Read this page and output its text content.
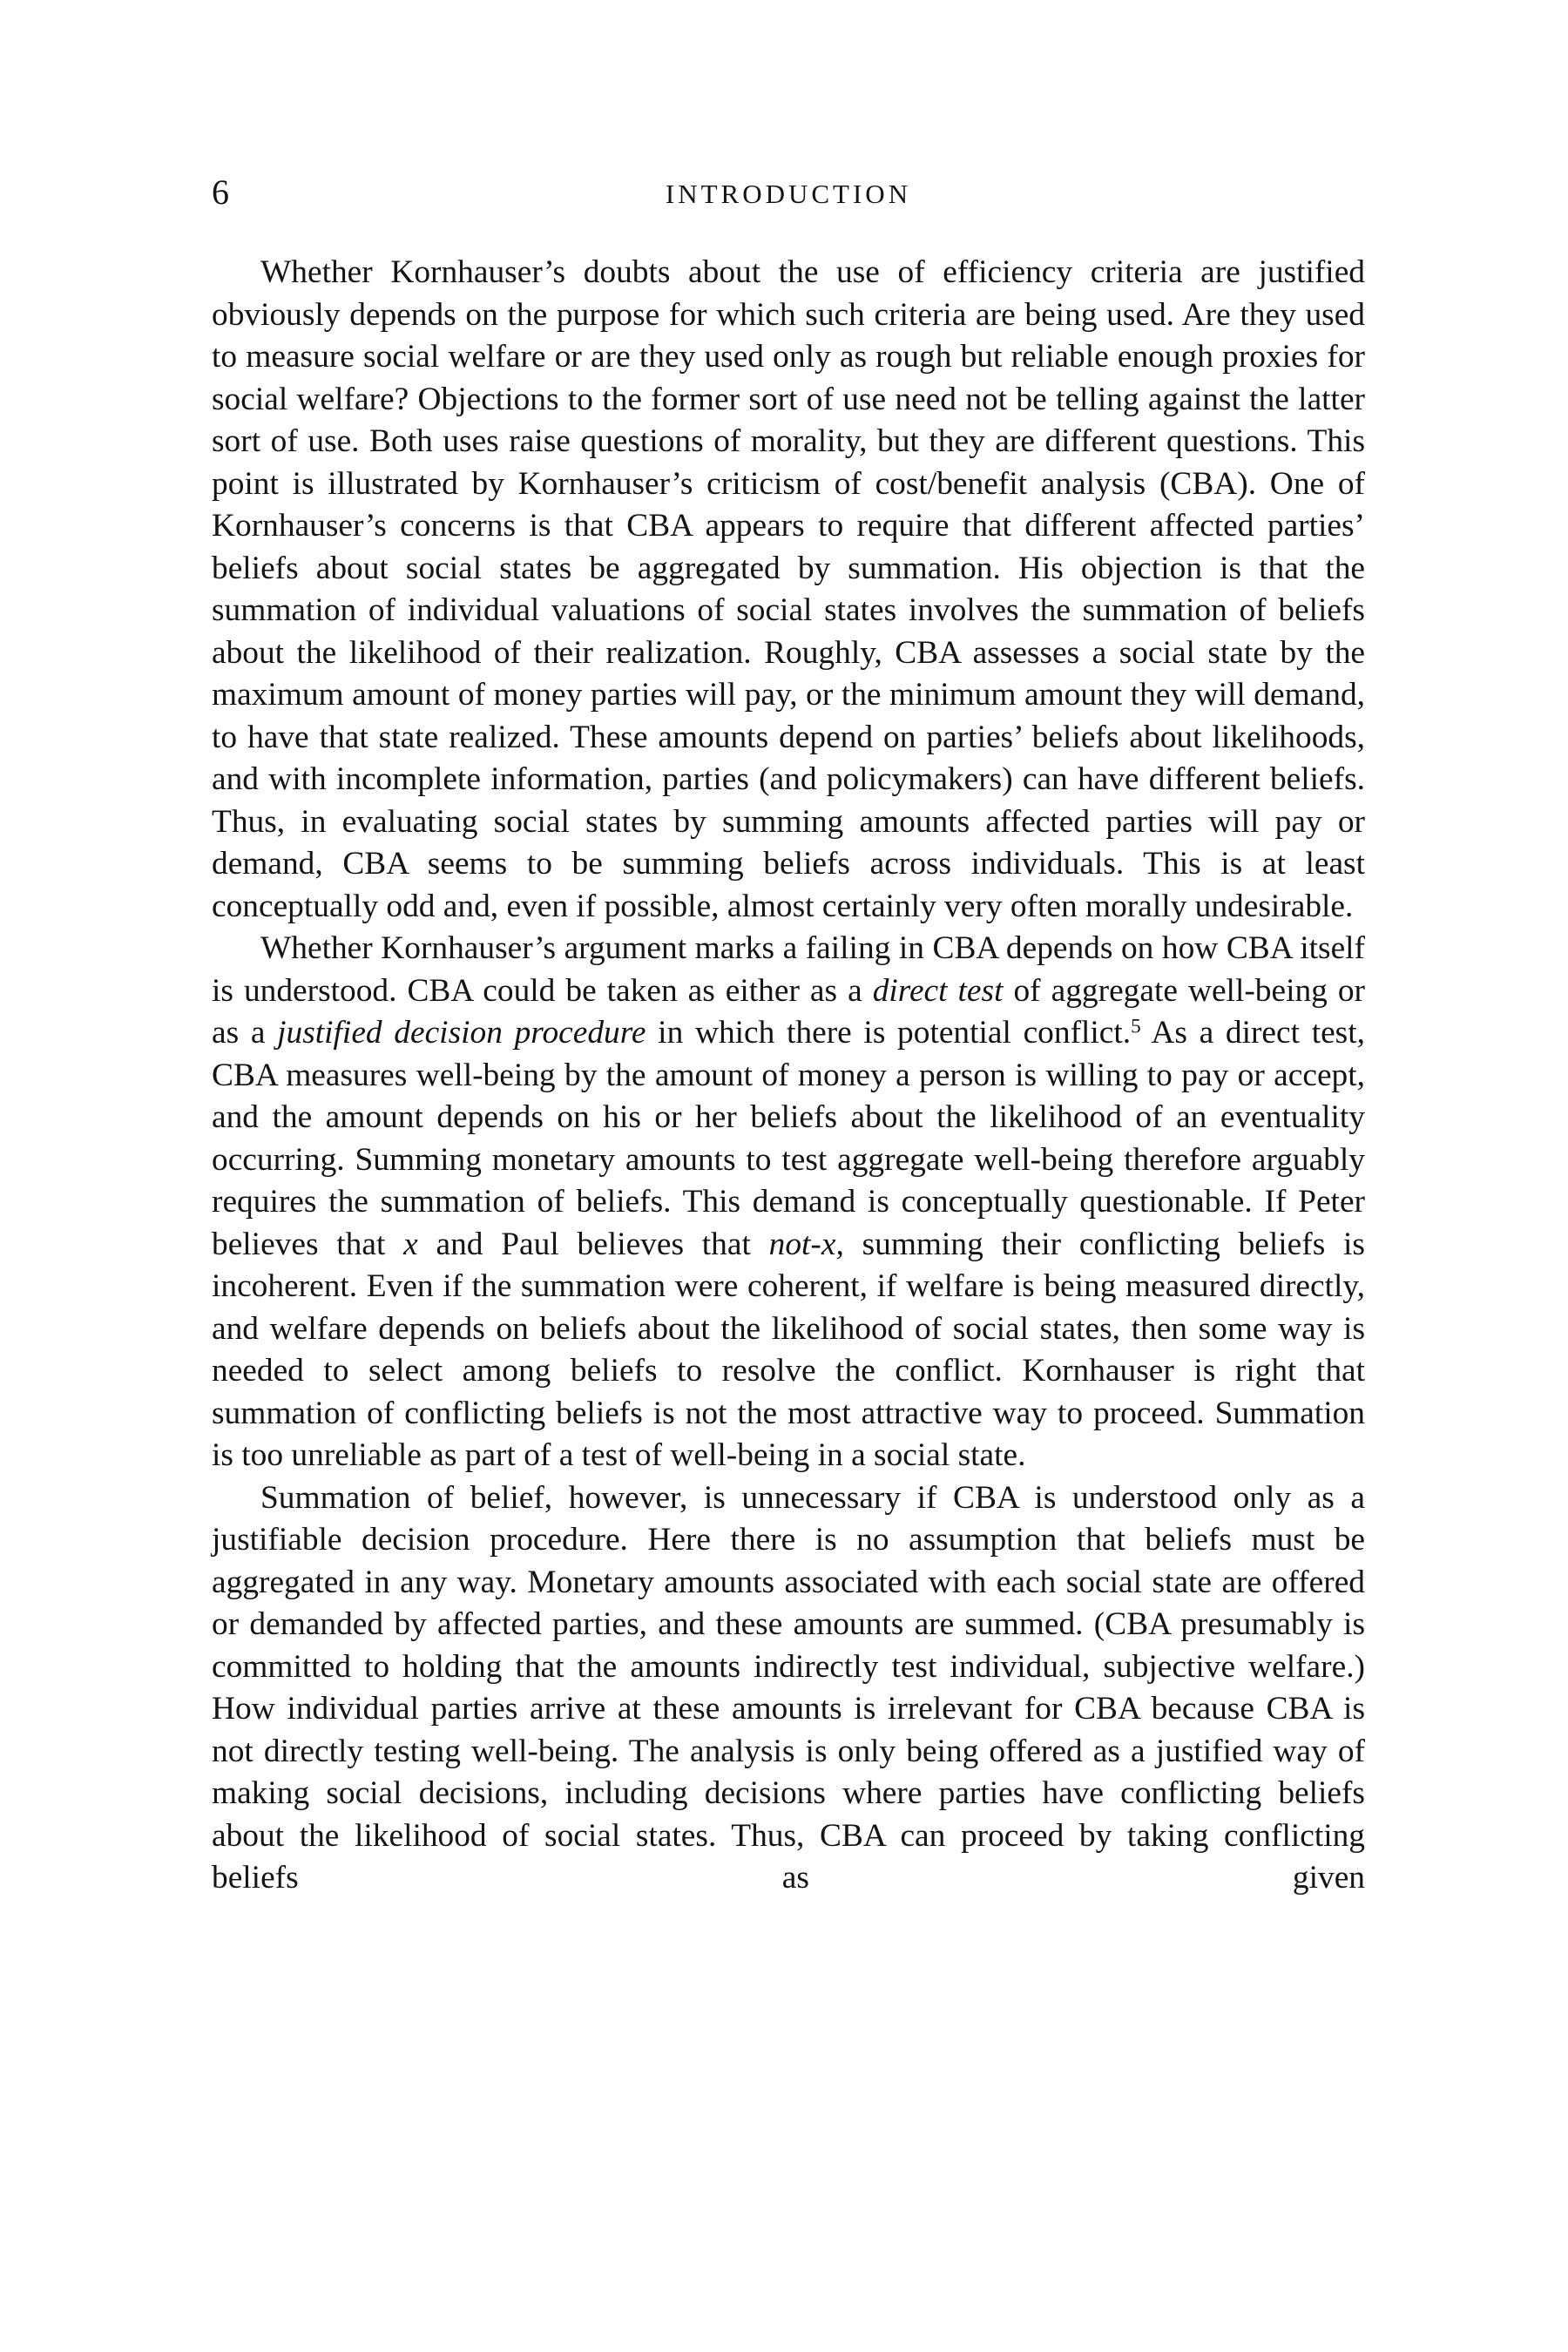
6	INTRODUCTION

Whether Kornhauser’s doubts about the use of efficiency criteria are justified obviously depends on the purpose for which such criteria are being used. Are they used to measure social welfare or are they used only as rough but reliable enough proxies for social welfare? Objections to the former sort of use need not be telling against the latter sort of use. Both uses raise questions of morality, but they are different questions. This point is illustrated by Kornhauser’s criticism of cost/benefit analysis (CBA). One of Kornhauser’s concerns is that CBA appears to require that different affected parties’ beliefs about social states be aggregated by summation. His objection is that the summation of individual valuations of social states involves the summation of beliefs about the likelihood of their realization. Roughly, CBA assesses a social state by the maximum amount of money parties will pay, or the minimum amount they will demand, to have that state realized. These amounts depend on parties’ beliefs about likelihoods, and with incomplete information, parties (and policymakers) can have different beliefs. Thus, in evaluating social states by summing amounts affected parties will pay or demand, CBA seems to be summing beliefs across individuals. This is at least conceptually odd and, even if possible, almost certainly very often morally undesirable.

Whether Kornhauser’s argument marks a failing in CBA depends on how CBA itself is understood. CBA could be taken as either as a direct test of aggregate well-being or as a justified decision procedure in which there is potential conflict.$^5$ As a direct test, CBA measures well-being by the amount of money a person is willing to pay or accept, and the amount depends on his or her beliefs about the likelihood of an eventuality occurring. Summing monetary amounts to test aggregate well-being therefore arguably requires the summation of beliefs. This demand is conceptually questionable. If Peter believes that x and Paul believes that not-x, summing their conflicting beliefs is incoherent. Even if the summation were coherent, if welfare is being measured directly, and welfare depends on beliefs about the likelihood of social states, then some way is needed to select among beliefs to resolve the conflict. Kornhauser is right that summation of conflicting beliefs is not the most attractive way to proceed. Summation is too unreliable as part of a test of well-being in a social state.

Summation of belief, however, is unnecessary if CBA is understood only as a justifiable decision procedure. Here there is no assumption that beliefs must be aggregated in any way. Monetary amounts associated with each social state are offered or demanded by affected parties, and these amounts are summed. (CBA presumably is committed to holding that the amounts indirectly test individual, subjective welfare.) How individual parties arrive at these amounts is irrelevant for CBA because CBA is not directly testing well-being. The analysis is only being offered as a justified way of making social decisions, including decisions where parties have conflicting beliefs about the likelihood of social states. Thus, CBA can proceed by taking conflicting beliefs as given
